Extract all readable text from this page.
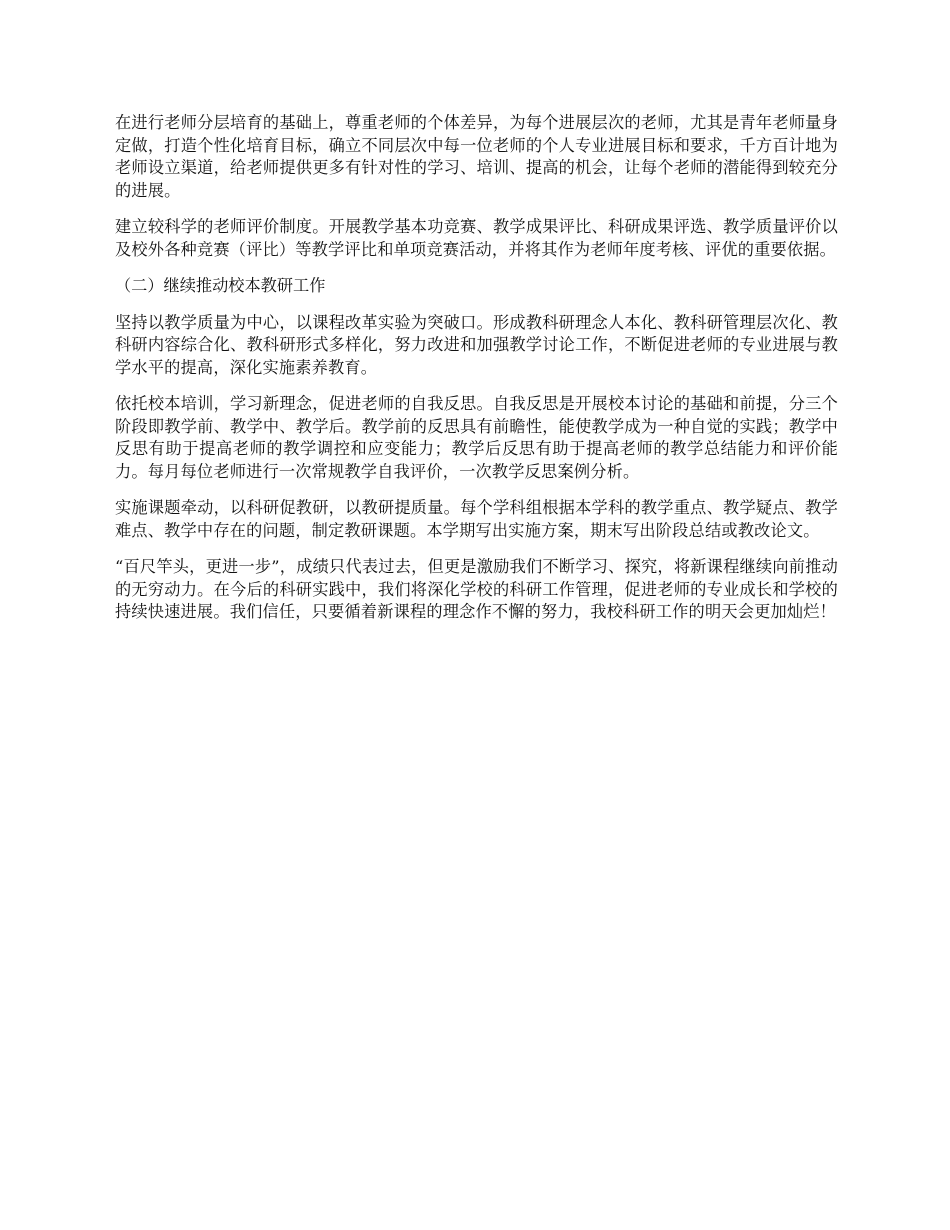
在进行老师分层培育的基础上，尊重老师的个体差异，为每个进展层次的老师，尤其是青年老师量身定做，打造个性化培育目标，确立不同层次中每一位老师的个人专业进展目标和要求，千方百计地为老师设立渠道，给老师提供更多有针对性的学习、培训、提高的机会，让每个老师的潜能得到较充分的进展。

建立较科学的老师评价制度。开展教学基本功竞赛、教学成果评比、科研成果评选、教学质量评价以及校外各种竞赛（评比）等教学评比和单项竞赛活动，并将其作为老师年度考核、评优的重要依据。

（二）继续推动校本教研工作

坚持以教学质量为中心，以课程改革实验为突破口。形成教科研理念人本化、教科研管理层次化、教科研内容综合化、教科研形式多样化，努力改进和加强教学讨论工作，不断促进老师的专业进展与教学水平的提高，深化实施素养教育。

依托校本培训，学习新理念，促进老师的自我反思。自我反思是开展校本讨论的基础和前提，分三个阶段即教学前、教学中、教学后。教学前的反思具有前瞻性，能使教学成为一种自觉的实践；教学中反思有助于提高老师的教学调控和应变能力；教学后反思有助于提高老师的教学总结能力和评价能力。每月每位老师进行一次常规教学自我评价，一次教学反思案例分析。

实施课题牵动，以科研促教研，以教研提质量。每个学科组根据本学科的教学重点、教学疑点、教学难点、教学中存在的问题，制定教研课题。本学期写出实施方案，期末写出阶段总结或教改论文。

“百尺竿头，更进一步”，成绩只代表过去，但更是激励我们不断学习、探究，将新课程继续向前推动的无穷动力。在今后的科研实践中，我们将深化学校的科研工作管理，促进老师的专业成长和学校的持续快速进展。我们信任，只要循着新课程的理念作不懈的努力，我校科研工作的明天会更加灿烂！
